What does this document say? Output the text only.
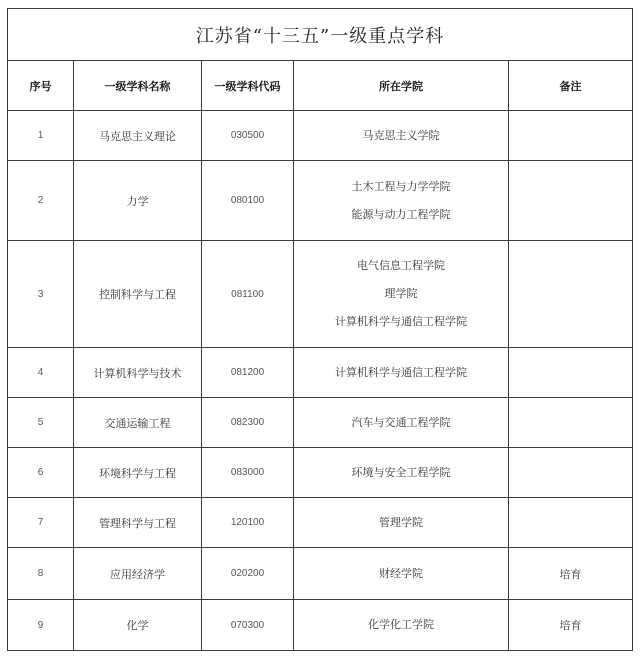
江苏省“十三五”一级重点学科				
序号	一级学科名称	一级学科代码	所在学院	备注
1	马克思主义理论	030500	马克思主义学院	

2	力学	080100	土木工程与力学学院
能源与动力工程学院	

3	控制科学与工程	081100	电气信息工程学院
理学院
计算机科学与通信工程学院	

4	计算机科学与技术	081200	计算机科学与通信工程学院	

5	交通运输工程	082300	汽车与交通工程学院	

6	环境科学与工程	083000	环境与安全工程学院	

7	管理科学与工程	120100	管理学院	

8	应用经济学	020200	财经学院	培育
9	化学	070300	化学化工学院	培育
